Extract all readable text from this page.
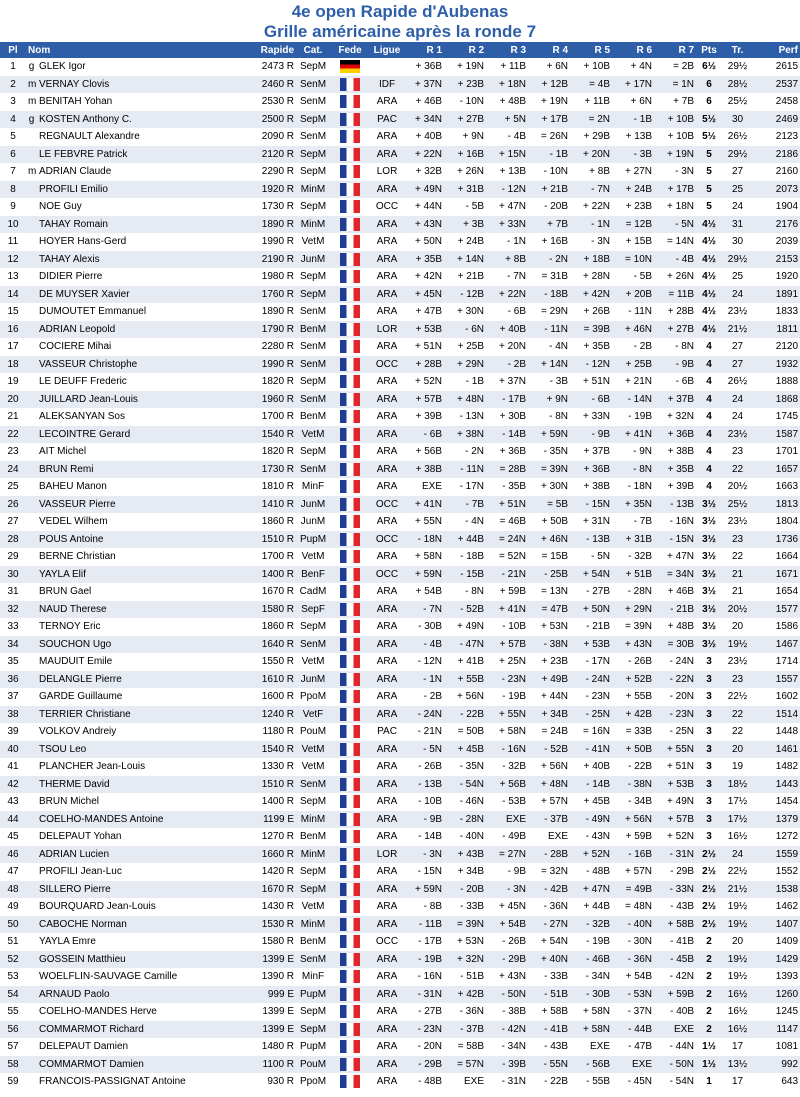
4e open Rapide d'Aubenas
Grille américaine après la ronde 7
Pl	Nom		Rapide	Cat.	Fede	Ligue	R 1	R 2	R 3	R 4	R 5	R 6	R 7	Pts	Tr.	Perf
1	g	GLEK Igor	2473 R	SepM			+ 36B	+ 19N	+ 11B	+ 6N	+ 10B	+ 4N	= 2B	6½	29½	2615
2	m	VERNAY Clovis	2460 R	SenM		IDF	+ 37N	+ 23B	+ 18N	+ 12B	= 4B	+ 17N	= 1N	6	28½	2537
3	m	BENITAH Yohan	2530 R	SenM		ARA	+ 46B	- 10N	+ 48B	+ 19N	+ 11B	+ 6N	+ 7B	6	25½	2458
4	g	KOSTEN Anthony C.	2500 R	SepM		PAC	+ 34N	+ 27B	+ 5N	+ 17B	= 2N	- 1B	+ 10B	5½	30	2469
5		REGNAULT Alexandre	2090 R	SenM		ARA	+ 40B	+ 9N	- 4B	= 26N	+ 29B	+ 13B	+ 10B	5½	26½	2123
6		LE FEBVRE Patrick	2120 R	SepM		ARA	+ 22N	+ 16B	+ 15N	- 1B	+ 20N	- 3B	+ 19N	5	29½	2186
7	m	ADRIAN Claude	2290 R	SepM		LOR	+ 32B	+ 26N	+ 13B	- 10N	+ 8B	+ 27N	- 3N	5	27	2160
8		PROFILI Emilio	1920 R	MinM		ARA	+ 49N	+ 31B	- 12N	+ 21B	- 7N	+ 24B	+ 17B	5	25	2073
9		NOE Guy	1730 R	SepM		OCC	+ 44N	- 5B	+ 47N	- 20B	+ 22N	+ 23B	+ 18N	5	24	1904
10		TAHAY Romain	1890 R	MinM		ARA	+ 43N	+ 3B	+ 33N	+ 7B	- 1N	= 12B	- 5N	4½	31	2176
11		HOYER Hans-Gerd	1990 R	VetM		ARA	+ 50N	+ 24B	- 1N	+ 16B	- 3N	+ 15B	= 14N	4½	30	2039
12		TAHAY Alexis	2190 R	JunM		ARA	+ 35B	+ 14N	+ 8B	- 2N	+ 18B	= 10N	- 4B	4½	29½	2153
13		DIDIER Pierre	1980 R	SepM		ARA	+ 42N	+ 21B	- 7N	= 31B	+ 28N	- 5B	+ 26N	4½	25	1920
14		DE MUYSER Xavier	1760 R	SepM		ARA	+ 45N	- 12B	+ 22N	- 18B	+ 42N	+ 20B	= 11B	4½	24	1891
15		DUMOUTET Emmanuel	1890 R	SenM		ARA	+ 47B	+ 30N	- 6B	= 29N	+ 26B	- 11N	+ 28B	4½	23½	1833
16		ADRIAN Leopold	1790 R	BenM		LOR	+ 53B	- 6N	+ 40B	- 11N	= 39B	+ 46N	+ 27B	4½	21½	1811
17		COCIERE Mihai	2280 R	SenM		ARA	+ 51N	+ 25B	+ 20N	- 4N	+ 35B	- 2B	- 8N	4	27	2120
18		VASSEUR Christophe	1990 R	SenM		OCC	+ 28B	+ 29N	- 2B	+ 14N	- 12N	+ 25B	- 9B	4	27	1932
19		LE DEUFF Frederic	1820 R	SepM		ARA	+ 52N	- 1B	+ 37N	- 3B	+ 51N	+ 21N	- 6B	4	26½	1888
20		JUILLARD Jean-Louis	1960 R	SenM		ARA	+ 57B	+ 48N	- 17B	+ 9N	- 6B	- 14N	+ 37B	4	24	1868
21		ALEKSANYAN Sos	1700 R	BenM		ARA	+ 39B	- 13N	+ 30B	- 8N	+ 33N	- 19B	+ 32N	4	24	1745
22		LECOINTRE Gerard	1540 R	VetM		ARA	- 6B	+ 38N	- 14B	+ 59N	- 9B	+ 41N	+ 36B	4	23½	1587
23		AIT Michel	1820 R	SepM		ARA	+ 56B	- 2N	+ 36B	- 35N	+ 37B	- 9N	+ 38B	4	23	1701
24		BRUN Remi	1730 R	SenM		ARA	+ 38B	- 11N	= 28B	= 39N	+ 36B	- 8N	+ 35B	4	22	1657
25		BAHEU Manon	1810 R	MinF		ARA	EXE	- 17N	- 35B	+ 30N	+ 38B	- 18N	+ 39B	4	20½	1663
26		VASSEUR Pierre	1410 R	JunM		OCC	+ 41N	- 7B	+ 51N	= 5B	- 15N	+ 35N	- 13B	3½	25½	1813
27		VEDEL Wilhem	1860 R	JunM		ARA	+ 55N	- 4N	= 46B	+ 50B	+ 31N	- 7B	- 16N	3½	23½	1804
28		POUS Antoine	1510 R	PupM		OCC	- 18N	+ 44B	= 24N	+ 46N	- 13B	+ 31B	- 15N	3½	23	1736
29		BERNE Christian	1700 R	VetM		ARA	+ 58N	- 18B	= 52N	= 15B	- 5N	- 32B	+ 47N	3½	22	1664
30		YAYLA Elif	1400 R	BenF		OCC	+ 59N	- 15B	- 21N	- 25B	+ 54N	+ 51B	= 34N	3½	21	1671
31		BRUN Gael	1670 R	CadM		ARA	+ 54B	- 8N	+ 59B	= 13N	- 27B	- 28N	+ 46B	3½	21	1654
32		NAUD Therese	1580 R	SepF		ARA	- 7N	- 52B	+ 41N	= 47B	+ 50N	+ 29N	- 21B	3½	20½	1577
33		TERNOY Eric	1860 R	SepM		ARA	- 30B	+ 49N	- 10B	+ 53N	- 21B	= 39N	+ 48B	3½	20	1586
34		SOUCHON Ugo	1640 R	SenM		ARA	- 4B	- 47N	+ 57B	- 38N	+ 53B	+ 43N	= 30B	3½	19½	1467
35		MAUDUIT Emile	1550 R	VetM		ARA	- 12N	+ 41B	+ 25N	+ 23B	- 17N	- 26B	- 24N	3	23½	1714
36		DELANGLE Pierre	1610 R	JunM		ARA	- 1N	+ 55B	- 23N	+ 49B	- 24N	+ 52B	- 22N	3	23	1557
37		GARDE Guillaume	1600 R	PpoM		ARA	- 2B	+ 56N	- 19B	+ 44N	- 23N	+ 55B	- 20N	3	22½	1602
38		TERRIER Christiane	1240 R	VetF		ARA	- 24N	- 22B	+ 55N	+ 34B	- 25N	+ 42B	- 23N	3	22	1514
39		VOLKOV Andreiy	1180 R	PouM		PAC	- 21N	= 50B	+ 58N	= 24B	= 16N	= 33B	- 25N	3	22	1448
40		TSOU Leo	1540 R	VetM		ARA	- 5N	+ 45B	- 16N	- 52B	- 41N	+ 50B	+ 55N	3	20	1461
41		PLANCHER Jean-Louis	1330 R	VetM		ARA	- 26B	- 35N	- 32B	+ 56N	+ 40B	- 22B	+ 51N	3	19	1482
42		THERME David	1510 R	SenM		ARA	- 13B	- 54N	+ 56B	+ 48N	- 14B	- 38N	+ 53B	3	18½	1443
43		BRUN Michel	1400 R	SepM		ARA	- 10B	- 46N	- 53B	+ 57N	+ 45B	- 34B	+ 49N	3	17½	1454
44		COELHO-MANDES Antoine	1199 E	MinM		ARA	- 9B	- 28N	EXE	- 37B	- 49N	+ 56N	+ 57B	3	17½	1379
45		DELEPAUT Yohan	1270 R	BenM		ARA	- 14B	- 40N	- 49B	EXE	- 43N	+ 59B	+ 52N	3	16½	1272
46		ADRIAN Lucien	1660 R	MinM		LOR	- 3N	+ 43B	= 27N	- 28B	+ 52N	- 16B	- 31N	2½	24	1559
47		PROFILI Jean-Luc	1420 R	SepM		ARA	- 15N	+ 34B	- 9B	= 32N	- 48B	+ 57N	- 29B	2½	22½	1552
48		SILLERO Pierre	1670 R	SepM		ARA	+ 59N	- 20B	- 3N	- 42B	+ 47N	= 49B	- 33N	2½	21½	1538
49		BOURQUARD Jean-Louis	1430 R	VetM		ARA	- 8B	- 33B	+ 45N	- 36N	+ 44B	= 48N	- 43B	2½	19½	1462
50		CABOCHE Norman	1530 R	MinM		ARA	- 11B	= 39N	+ 54B	- 27N	- 32B	- 40N	+ 58B	2½	19½	1407
51		YAYLA Emre	1580 R	BenM		OCC	- 17B	+ 53N	- 26B	+ 54N	- 19B	- 30N	- 41B	2	20	1409
52		GOSSEIN Matthieu	1399 E	SenM		ARA	- 19B	+ 32N	- 29B	+ 40N	- 46B	- 36N	- 45B	2	19½	1429
53		WOELFLIN-SAUVAGE Camille	1390 R	MinF		ARA	- 16N	- 51B	+ 43N	- 33B	- 34N	+ 54B	- 42N	2	19½	1393
54		ARNAUD Paolo	999 E	PupM		ARA	- 31N	+ 42B	- 50N	- 51B	- 30B	- 53N	+ 59B	2	16½	1260
55		COELHO-MANDES Herve	1399 E	SepM		ARA	- 27B	- 36N	- 38B	+ 58B	+ 58N	- 37N	- 40B	2	16½	1245
56		COMMARMOT Richard	1399 E	SepM		ARA	- 23N	- 37B	- 42N	- 41B	+ 58N	- 44B	EXE	2	16½	1147
57		DELEPAUT Damien	1480 R	PupM		ARA	- 20N	= 58B	- 34N	- 43B	EXE	- 47B	- 44N	1½	17	1081
58		COMMARMOT Damien	1100 R	PouM		ARA	- 29B	= 57N	- 39B	- 55N	- 56B	EXE	- 50N	1½	13½	992
59		FRANCOIS-PASSIGNAT Antoine	930 R	PpoM		ARA	- 48B	EXE	- 31N	- 22B	- 55B	- 45N	- 54N	1	17	643
